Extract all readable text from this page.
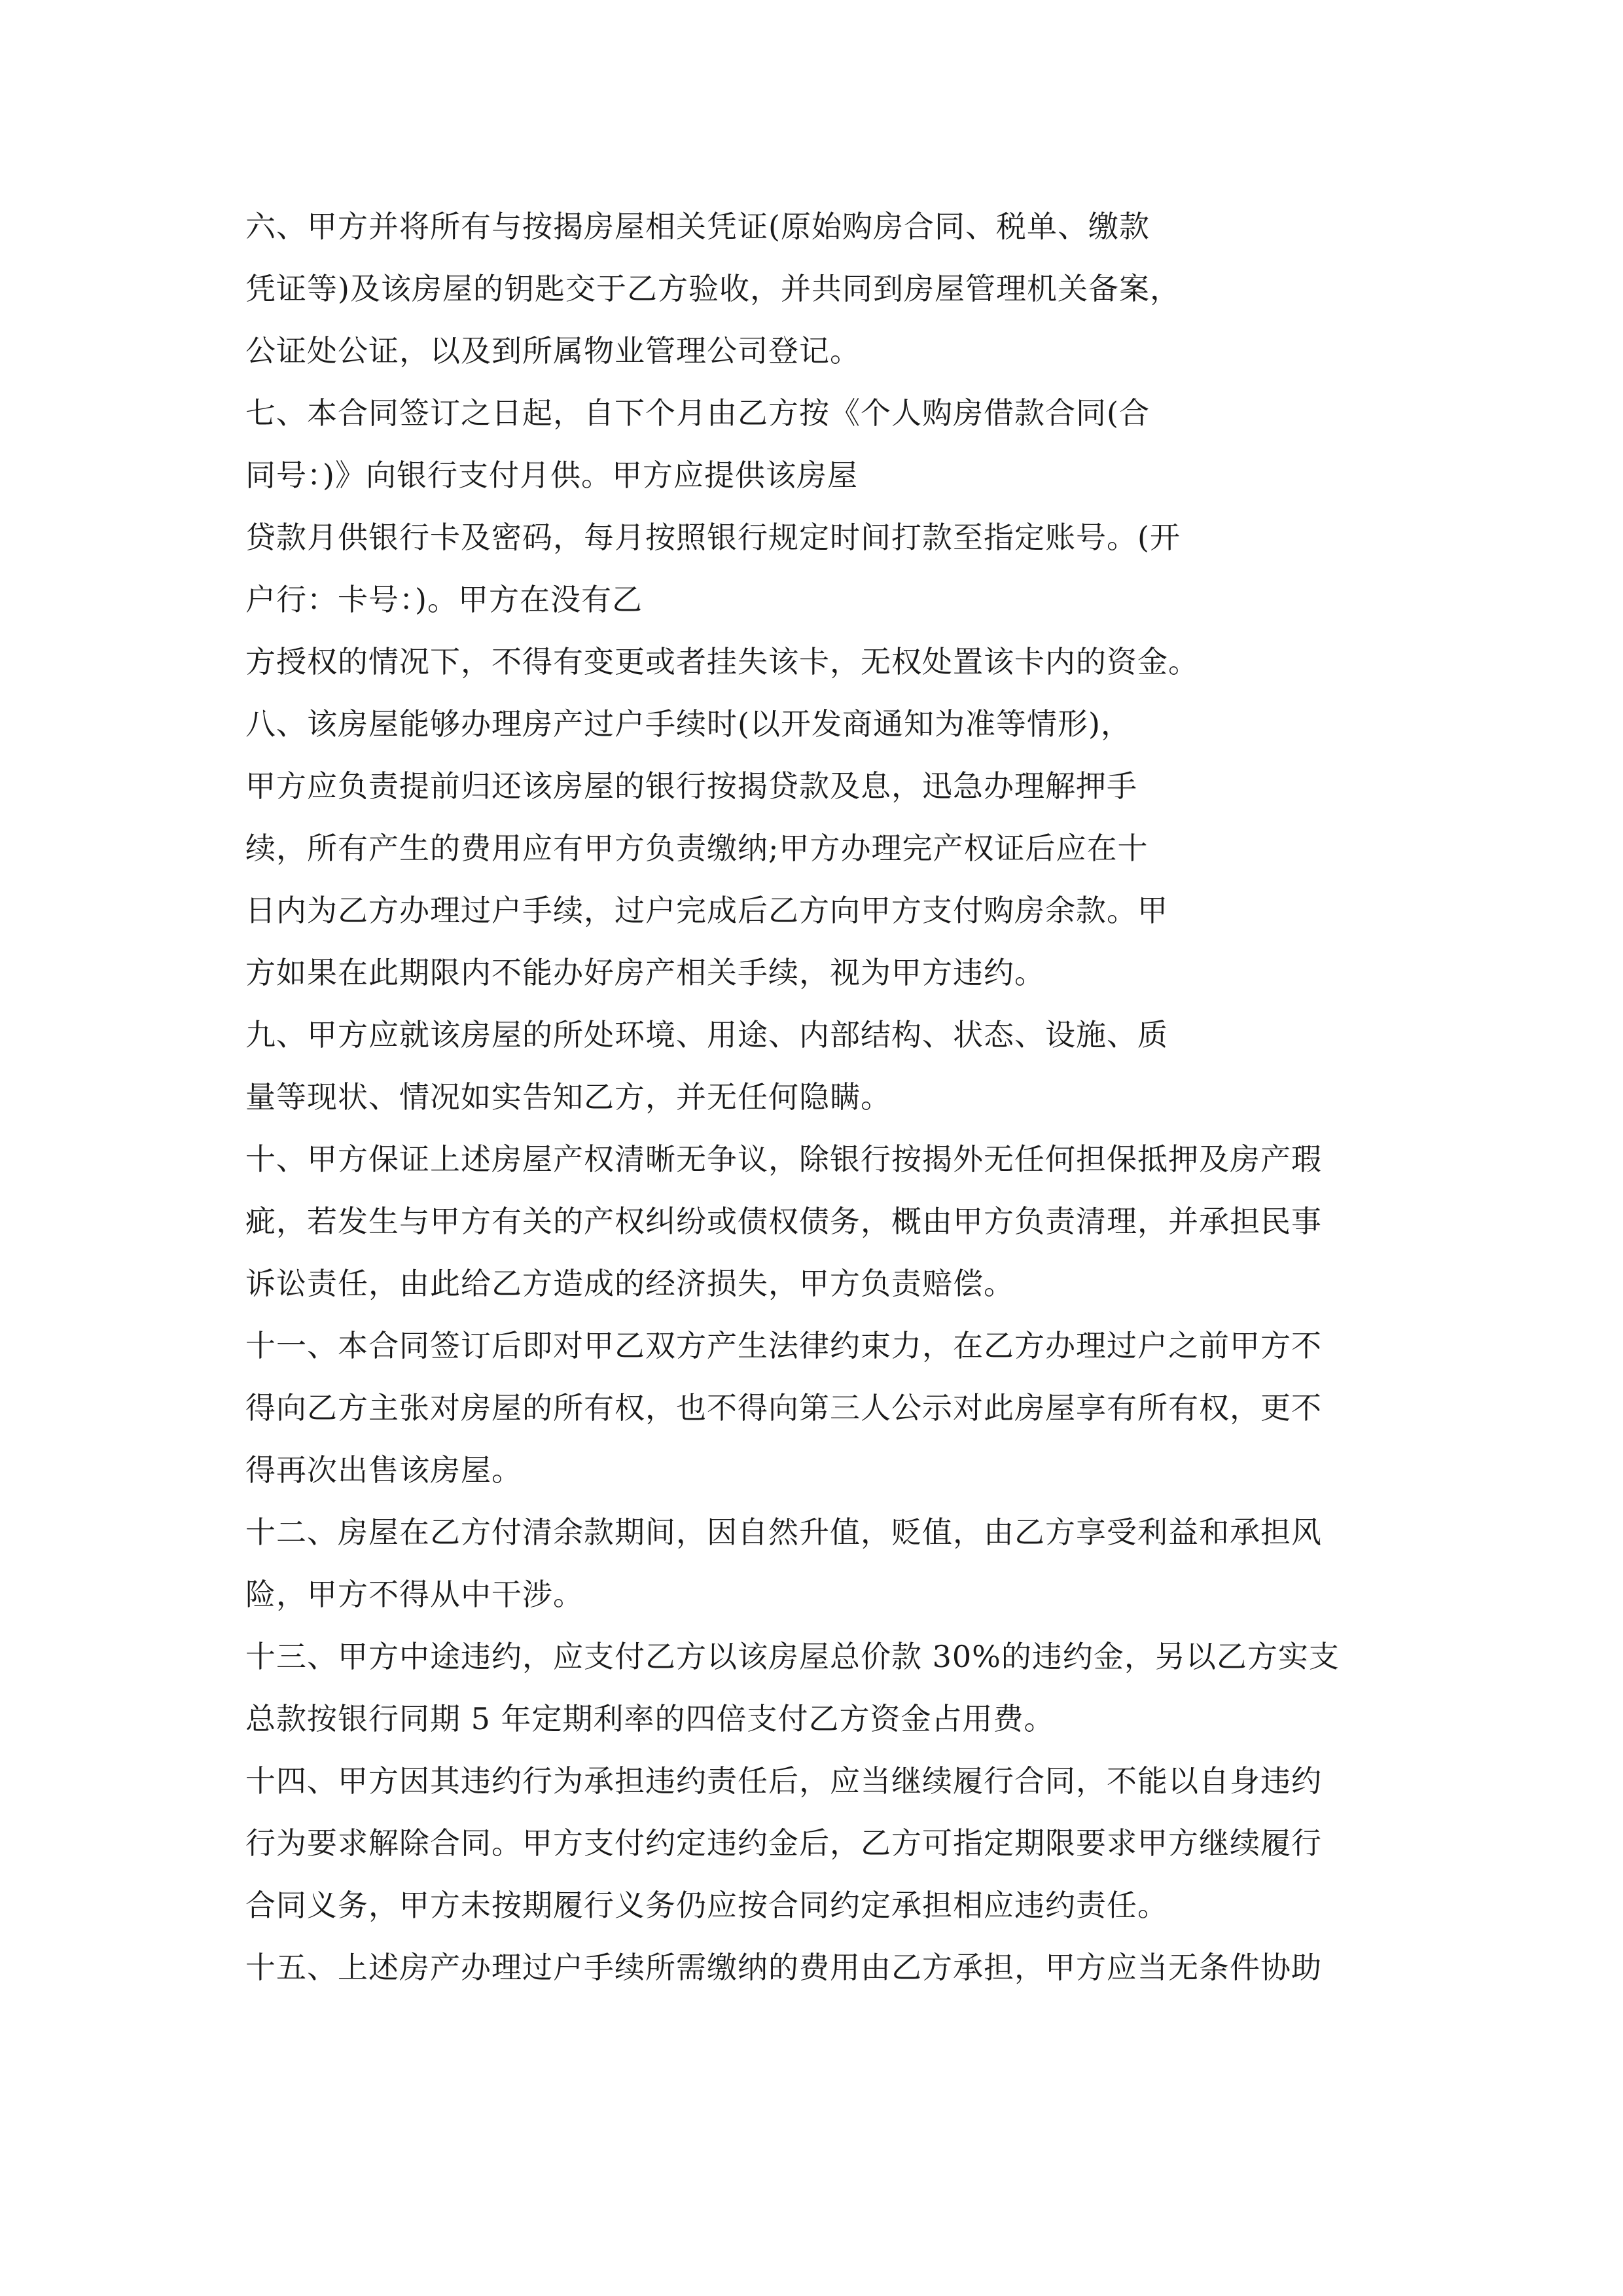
六、甲方并将所有与按揭房屋相关凭证(原始购房合同、税单、缴款

凭证等)及该房屋的钥匙交于乙方验收，并共同到房屋管理机关备案，

公证处公证，以及到所属物业管理公司登记。

七、本合同签订之日起，自下个月由乙方按《个人购房借款合同(合

同号：)》向银行支付月供。甲方应提供该房屋

贷款月供银行卡及密码，每月按照银行规定时间打款至指定账号。(开

户行：卡号：)。甲方在没有乙

方授权的情况下，不得有变更或者挂失该卡，无权处置该卡内的资金。

八、该房屋能够办理房产过户手续时(以开发商通知为准等情形)，

甲方应负责提前归还该房屋的银行按揭贷款及息，迅急办理解押手

续，所有产生的费用应有甲方负责缴纳;甲方办理完产权证后应在十

日内为乙方办理过户手续，过户完成后乙方向甲方支付购房余款。甲

方如果在此期限内不能办好房产相关手续，视为甲方违约。

九、甲方应就该房屋的所处环境、用途、内部结构、状态、设施、质

量等现状、情况如实告知乙方，并无任何隐瞒。

十、甲方保证上述房屋产权清晰无争议，除银行按揭外无任何担保抵押及房产瑕

疵，若发生与甲方有关的产权纠纷或债权债务，概由甲方负责清理，并承担民事

诉讼责任，由此给乙方造成的经济损失，甲方负责赔偿。

十一、本合同签订后即对甲乙双方产生法律约束力，在乙方办理过户之前甲方不

得向乙方主张对房屋的所有权，也不得向第三人公示对此房屋享有所有权，更不

得再次出售该房屋。

十二、房屋在乙方付清余款期间，因自然升值，贬值，由乙方享受利益和承担风

险，甲方不得从中干涉。

十三、甲方中途违约，应支付乙方以该房屋总价款 30%的违约金，另以乙方实支

总款按银行同期 5 年定期利率的四倍支付乙方资金占用费。

十四、甲方因其违约行为承担违约责任后，应当继续履行合同，不能以自身违约

行为要求解除合同。甲方支付约定违约金后，乙方可指定期限要求甲方继续履行

合同义务，甲方未按期履行义务仍应按合同约定承担相应违约责任。

十五、上述房产办理过户手续所需缴纳的费用由乙方承担，甲方应当无条件协助
